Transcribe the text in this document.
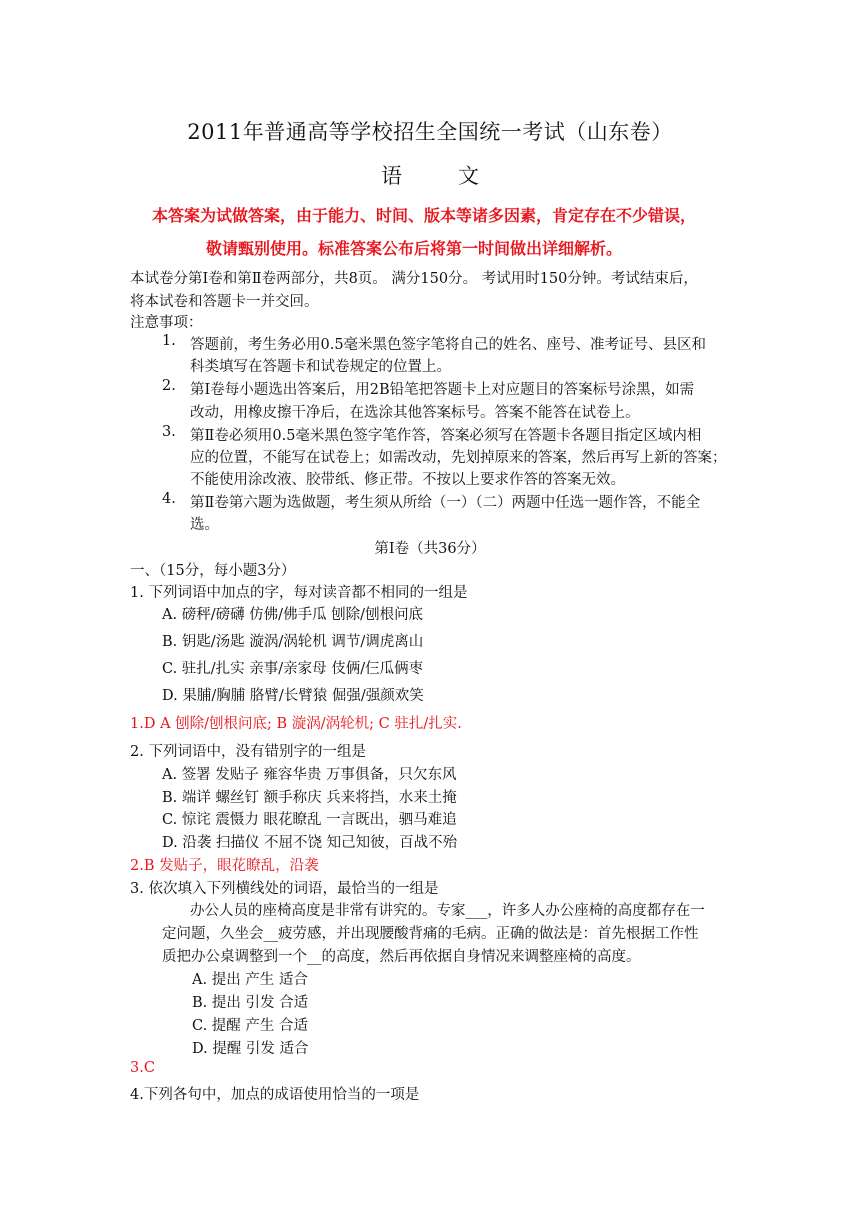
2011年普通高等学校招生全国统一考试（山东卷）
语	文
本答案为试做答案，由于能力、时间、版本等诸多因素，肯定存在不少错误，
敬请甄别使用。标准答案公布后将第一时间做出详细解析。
本试卷分第Ⅰ卷和第Ⅱ卷两部分，共8页。 满分150分。 考试用时150分钟。考试结束后，
将本试卷和答题卡一并交回。
注意事项：
1. 答题前，考生务必用0.5毫米黑色签字笔将自己的姓名、座号、准考证号、县区和
科类填写在答题卡和试卷规定的位置上。
2. 第Ⅰ卷每小题选出答案后，用2B铅笔把答题卡上对应题目的答案标号涂黑，如需
改动，用橡皮擦干净后，在选涂其他答案标号。答案不能答在试卷上。
3. 第Ⅱ卷必须用0.5毫米黑色签字笔作答，答案必须写在答题卡各题目指定区域内相
应的位置，不能写在试卷上；如需改动，先划掉原来的答案，然后再写上新的答案；
不能使用涂改液、胶带纸、修正带。不按以上要求作答的答案无效。
4. 第Ⅱ卷第六题为选做题，考生须从所给（一）（二）两题中任选一题作答，不能全
选。
第Ⅰ卷（共36分）
一、（15分，每小题3分）
1. 下列词语中加点的字，每对读音都不相同的一组是
A. 磅秤/磅礴 仿佛/佛手瓜 刨除/刨根问底
B. 钥匙/汤匙 漩涡/涡轮机 调节/调虎离山
C. 驻扎/扎实 亲事/亲家母 伎俩/仨瓜俩枣
D. 果脯/胸脯 胳臂/长臂猿 倔强/强颜欢笑
1.D A 刨除/刨根问底; B 漩涡/涡轮机; C 驻扎/扎实.
2. 下列词语中，没有错别字的一组是
A. 签署 发贴子 雍容华贵 万事俱备，只欠东风
B. 端详 螺丝钉 额手称庆 兵来将挡，水来土掩
C. 惊诧 震慑力 眼花瞭乱 一言既出，驷马难追
D. 沿袭 扫描仪 不屈不饶 知己知彼，百战不殆
2.B 发贴子，眼花瞭乱，沿袭
3. 依次填入下列横线处的词语，最恰当的一组是
办公人员的座椅高度是非常有讲究的。专家___，许多人办公座椅的高度都存在一
定问题，久坐会__疲劳感，并出现腰酸背痛的毛病。正确的做法是：首先根据工作性
质把办公桌调整到一个__的高度，然后再依据自身情况来调整座椅的高度。
A. 提出 产生 适合
B. 提出 引发 合适
C. 提醒 产生 合适
D. 提醒 引发 适合
3.C
4.下列各句中，加点的成语使用恰当的一项是
